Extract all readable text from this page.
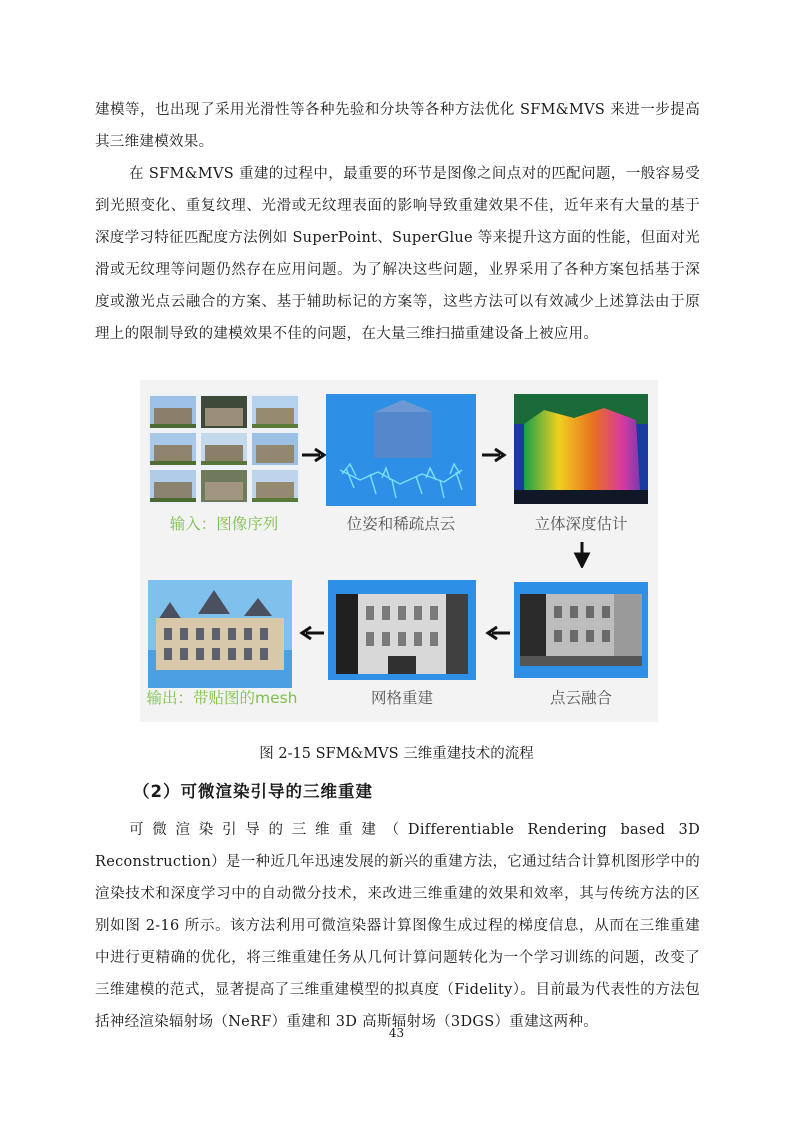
建模等，也出现了采用光滑性等各种先验和分块等各种方法优化 SFM&MVS 来进一步提高其三维建模效果。

在 SFM&MVS 重建的过程中，最重要的环节是图像之间点对的匹配问题，一般容易受到光照变化、重复纹理、光滑或无纹理表面的影响导致重建效果不佳，近年来有大量的基于深度学习特征匹配度方法例如 SuperPoint、SuperGlue 等来提升这方面的性能，但面对光滑或无纹理等问题仍然存在应用问题。为了解决这些问题，业界采用了各种方案包括基于深度或激光点云融合的方案、基于辅助标记的方案等，这些方法可以有效减少上述算法由于原理上的限制导致的建模效果不佳的问题，在大量三维扫描重建设备上被应用。

输入：图像序列	位姿和稀疏点云	立体深度估计
输出：带贴图的mesh	网格重建	点云融合
图 2-15 SFM&MVS 三维重建技术的流程
（2）可微渲染引导的三维重建

可微渲染引导的三维重建（Differentiable Rendering based 3D Reconstruction）是一种近几年迅速发展的新兴的重建方法，它通过结合计算机图形学中的渲染技术和深度学习中的自动微分技术，来改进三维重建的效果和效率，其与传统方法的区别如图 2-16 所示。该方法利用可微渲染器计算图像生成过程的梯度信息，从而在三维重建中进行更精确的优化，将三维重建任务从几何计算问题转化为一个学习训练的问题，改变了三维建模的范式，显著提高了三维重建模型的拟真度（Fidelity）。目前最为代表性的方法包括神经渲染辐射场（NeRF）重建和 3D 高斯辐射场（3DGS）重建这两种。

43
